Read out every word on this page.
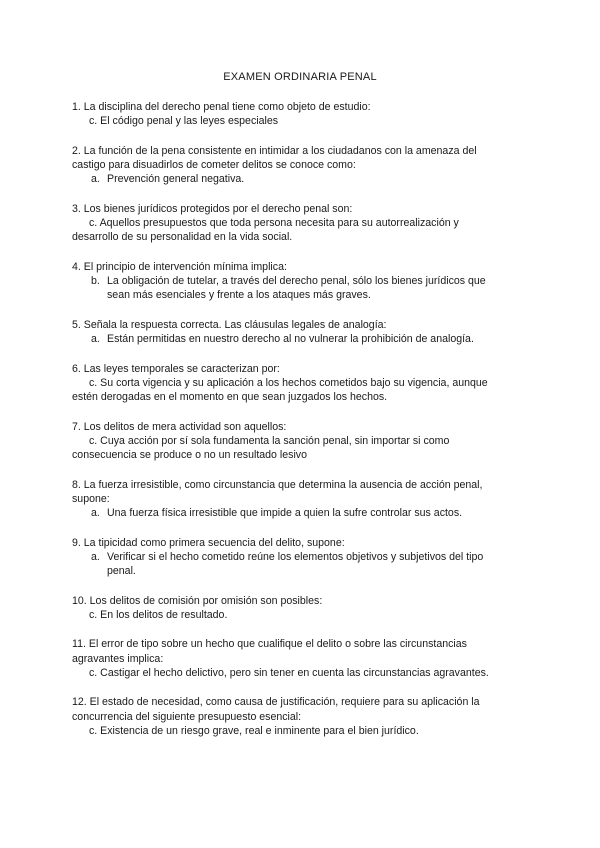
EXAMEN ORDINARIA PENAL
1. La disciplina del derecho penal tiene como objeto de estudio:
c. El código penal y las leyes especiales
2. La función de la pena consistente en intimidar a los ciudadanos con la amenaza del
castigo para disuadirlos de cometer delitos se conoce como:
a. Prevención general negativa.
3. Los bienes jurídicos protegidos por el derecho penal son:
c. Aquellos presupuestos que toda persona necesita para su autorrealización y
desarrollo de su personalidad en la vida social.
4. El principio de intervención mínima implica:
b. La obligación de tutelar, a través del derecho penal, sólo los bienes jurídicos que
sean más esenciales y frente a los ataques más graves.
5. Señala la respuesta correcta. Las cláusulas legales de analogía:
a. Están permitidas en nuestro derecho al no vulnerar la prohibición de analogía.
6. Las leyes temporales se caracterizan por:
c. Su corta vigencia y su aplicación a los hechos cometidos bajo su vigencia, aunque
estén derogadas en el momento en que sean juzgados los hechos.
7. Los delitos de mera actividad son aquellos:
c. Cuya acción por sí sola fundamenta la sanción penal, sin importar si como
consecuencia se produce o no un resultado lesivo
8. La fuerza irresistible, como circunstancia que determina la ausencia de acción penal,
supone:
a. Una fuerza física irresistible que impide a quien la sufre controlar sus actos.
9. La tipicidad como primera secuencia del delito, supone:
a. Verificar si el hecho cometido reúne los elementos objetivos y subjetivos del tipo
penal.
10. Los delitos de comisión por omisión son posibles:
c. En los delitos de resultado.
11. El error de tipo sobre un hecho que cualifique el delito o sobre las circunstancias
agravantes implica:
c. Castigar el hecho delictivo, pero sin tener en cuenta las circunstancias agravantes.
12. El estado de necesidad, como causa de justificación, requiere para su aplicación la
concurrencia del siguiente presupuesto esencial:
c. Existencia de un riesgo grave, real e inminente para el bien jurídico.
